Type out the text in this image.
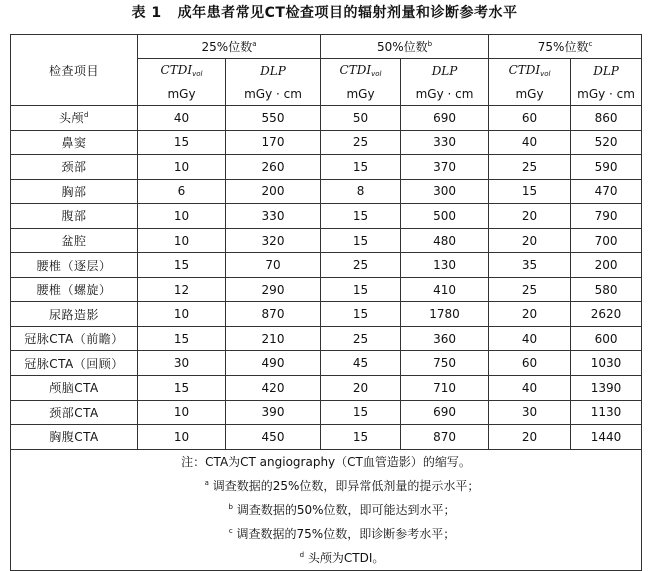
表 1 成年患者常见CT检查项目的辐射剂量和诊断参考水平
检查项目	25%位数$^a$		50%位数$^b$		75%位数$^c$
	$CTDI_{vol}$	DLP	$CTDI_{vol}$	DLP	$CTDI_{vol}$	DLP
	mGy	mGy · cm	mGy	mGy · cm	mGy	mGy · cm
头颅$^d$	40	550	50	690	60	860
鼻窦	15	170	25	330	40	520
颈部	10	260	15	370	25	590
胸部	6	200	8	300	15	470
腹部	10	330	15	500	20	790
盆腔	10	320	15	480	20	700
腰椎（逐层）	15	70	25	130	35	200
腰椎（螺旋）	12	290	15	410	25	580
尿路造影	10	870	15	1780	20	2620
冠脉CTA（前瞻）	15	210	25	360	40	600
冠脉CTA（回顾）	30	490	45	750	60	1030
颅脑CTA	15	420	20	710	40	1390
颈部CTA	10	390	15	690	30	1130
胸腹CTA	10	450	15	870	20	1440
注：CTA为CT angiography（CT血管造影）的缩写。						
$^a$ 调查数据的25%位数，即异常低剂量的提示水平；						
$^b$ 调查数据的50%位数，即可能达到水平；						
$^c$ 调查数据的75%位数，即诊断参考水平；						
$^d$ 头颅为CTDI。						
